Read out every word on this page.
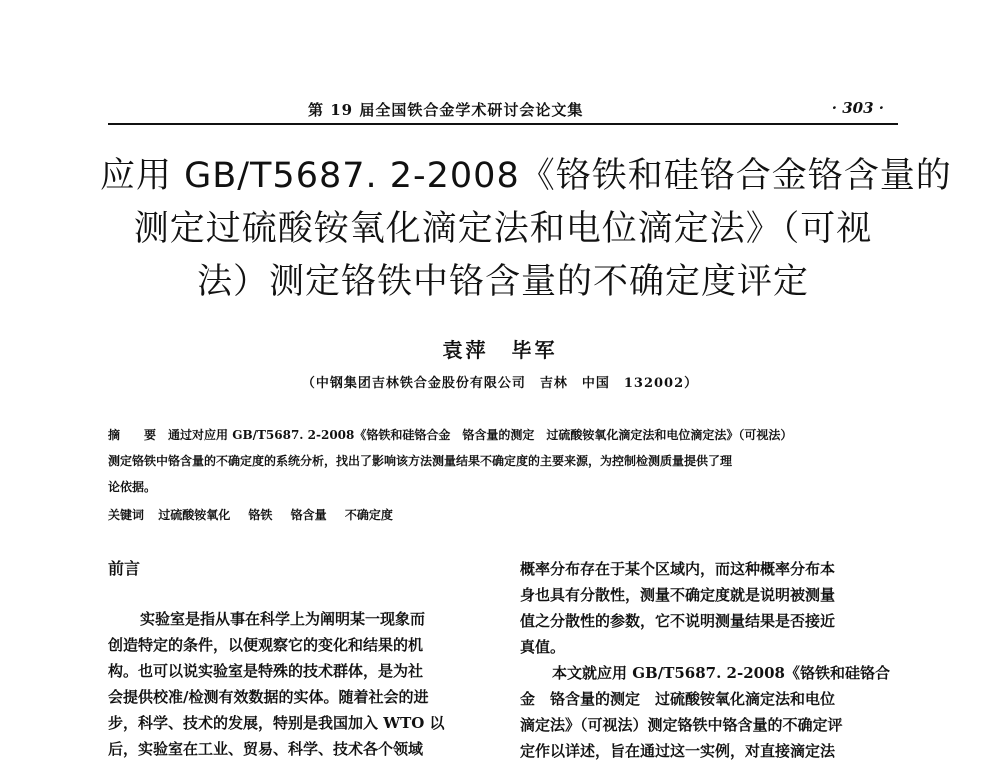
第 19 届全国铁合金学术研讨会论文集	· 303 ·
应用 GB/T5687. 2-2008《铬铁和硅铬合金铬含量的
测定过硫酸铵氧化滴定法和电位滴定法》（可视
法）测定铬铁中铬含量的不确定度评定
袁萍　毕军
（中钢集团吉林铁合金股份有限公司　吉林　中国　132002）
摘　要 通过对应用 GB/T5687. 2-2008《铬铁和硅铬合金　铬含量的测定　过硫酸铵氧化滴定法和电位滴定法》（可视法）
测定铬铁中铬含量的不确定度的系统分析，找出了影响该方法测量结果不确定度的主要来源，为控制检测质量提供了理
论依据。
关键词 过硫酸铵氧化 铬铁 铬含量 不确定度
前言
实验室是指从事在科学上为阐明某一现象而
创造特定的条件，以便观察它的变化和结果的机
构。也可以说实验室是特殊的技术群体，是为社
会提供校准/检测有效数据的实体。随着社会的进
步，科学、技术的发展，特别是我国加入 WTO 以
后，实验室在工业、贸易、科学、技术各个领域
概率分布存在于某个区域内，而这种概率分布本
身也具有分散性，测量不确定度就是说明被测量
值之分散性的参数，它不说明测量结果是否接近
真值。
本文就应用 GB/T5687. 2-2008《铬铁和硅铬合
金　铬含量的测定　过硫酸铵氧化滴定法和电位
滴定法》（可视法）测定铬铁中铬含量的不确定评
定作以详述，旨在通过这一实例，对直接滴定法
